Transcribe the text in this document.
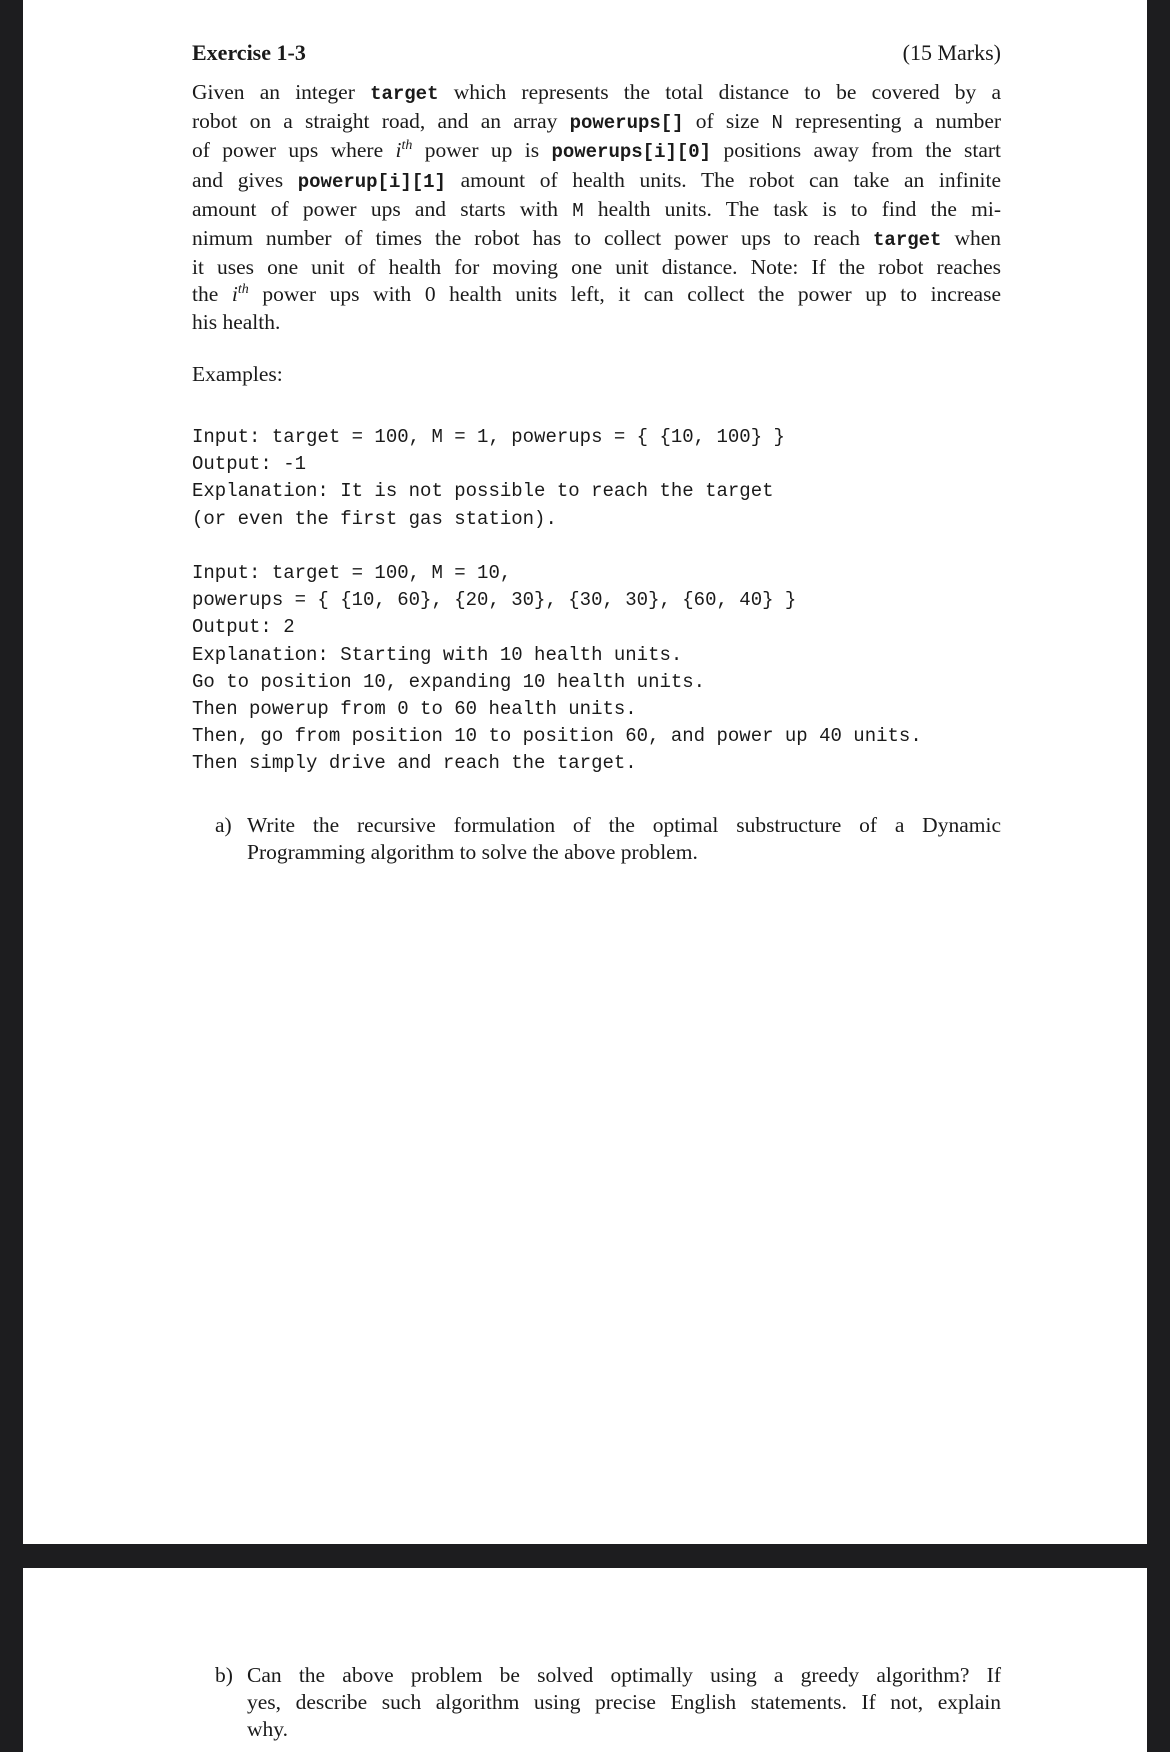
Exercise 1-3	(15 Marks)
Given an integer target which represents the total distance to be covered by a
robot on a straight road, and an array powerups[] of size N representing a number
of power ups where $i^{th}$ power up is powerups[i][0] positions away from the start
and gives powerup[i][1] amount of health units. The robot can take an infinite
amount of power ups and starts with M health units. The task is to find the mi-
nimum number of times the robot has to collect power ups to reach target when
it uses one unit of health for moving one unit distance. Note: If the robot reaches
the $i^{th}$ power ups with 0 health units left, it can collect the power up to increase
his health.
Examples:
Input: target = 100, M = 1, powerups = { {10, 100} }
Output: -1
Explanation: It is not possible to reach the target
(or even the first gas station).
Input: target = 100, M = 10,
powerups = { {10, 60}, {20, 30}, {30, 30}, {60, 40} }
Output: 2
Explanation: Starting with 10 health units.
Go to position 10, expanding 10 health units.
Then powerup from 0 to 60 health units.
Then, go from position 10 to position 60, and power up 40 units.
Then simply drive and reach the target.
a) Write the recursive formulation of the optimal substructure of a Dynamic
Programming algorithm to solve the above problem.
b) Can the above problem be solved optimally using a greedy algorithm? If
yes, describe such algorithm using precise English statements. If not, explain
why.
